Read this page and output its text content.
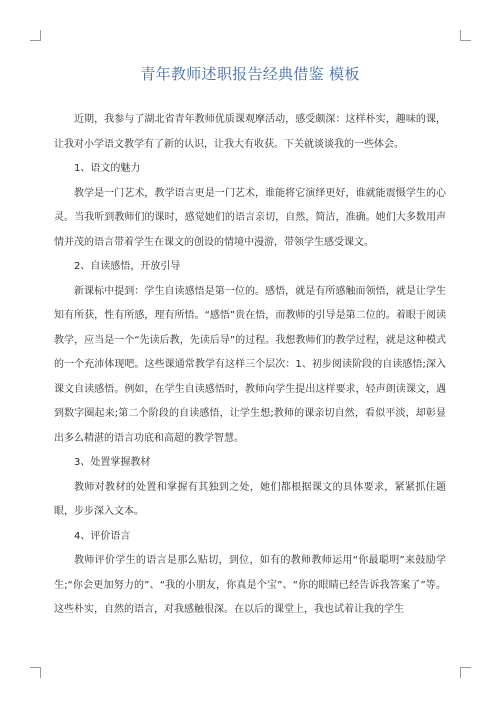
青年教师述职报告经典借鉴 模板

近期，我参与了湖北省青年教师优质课观摩活动，感受颇深：这样朴实，趣味的课，让我对小学语文教学有了新的认识，让我大有收获。下关就谈谈我的一些体会。

1、语文的魅力

教学是一门艺术，教学语言更是一门艺术，谁能将它演绎更好，谁就能震慑学生的心灵。当我听到教师们的课时，感觉她们的语言亲切，自然，简洁，准确。她们大多数用声情并茂的语言带着学生在课文的创设的情境中漫游，带领学生感受课文。

2、自读感悟，开放引导

新课标中提到：学生自读感悟是第一位的。感悟，就是有所感触而领悟，就是让学生知有所获，性有所感，理有所悟。“感悟”贵在悟，而教师的引导是第二位的。着眼于阅读教学，应当是一个“先读后教，先读后导”的过程。我想教师们的教学过程，就是这种模式的一个充沛体现吧。这些课通常教学有这样三个层次：1、初步阅读阶段的自读感悟;深入课文自读感悟。例如，在学生自读感悟时，教师向学生提出这样要求，轻声朗读课文，遇到数字圈起来;第二个阶段的自读感悟，让学生想;教师的课亲切自然，看似平淡，却彰显出多么精湛的语言功底和高超的教学智慧。

3、处置掌握教材

教师对教材的处置和掌握有其独到之处，她们都根据课文的具体要求，紧紧抓住题眼，步步深入文本。

4、评价语言

教师评价学生的语言是那么贴切，到位，如有的教师教师运用“你最聪明”来鼓励学生;“你会更加努力的”、“我的小朋友，你真是个宝”、“你的眼睛已经告诉我答案了”等。这些朴实，自然的语言，对我感触很深。在以后的课堂上，我也试着让我的学生
